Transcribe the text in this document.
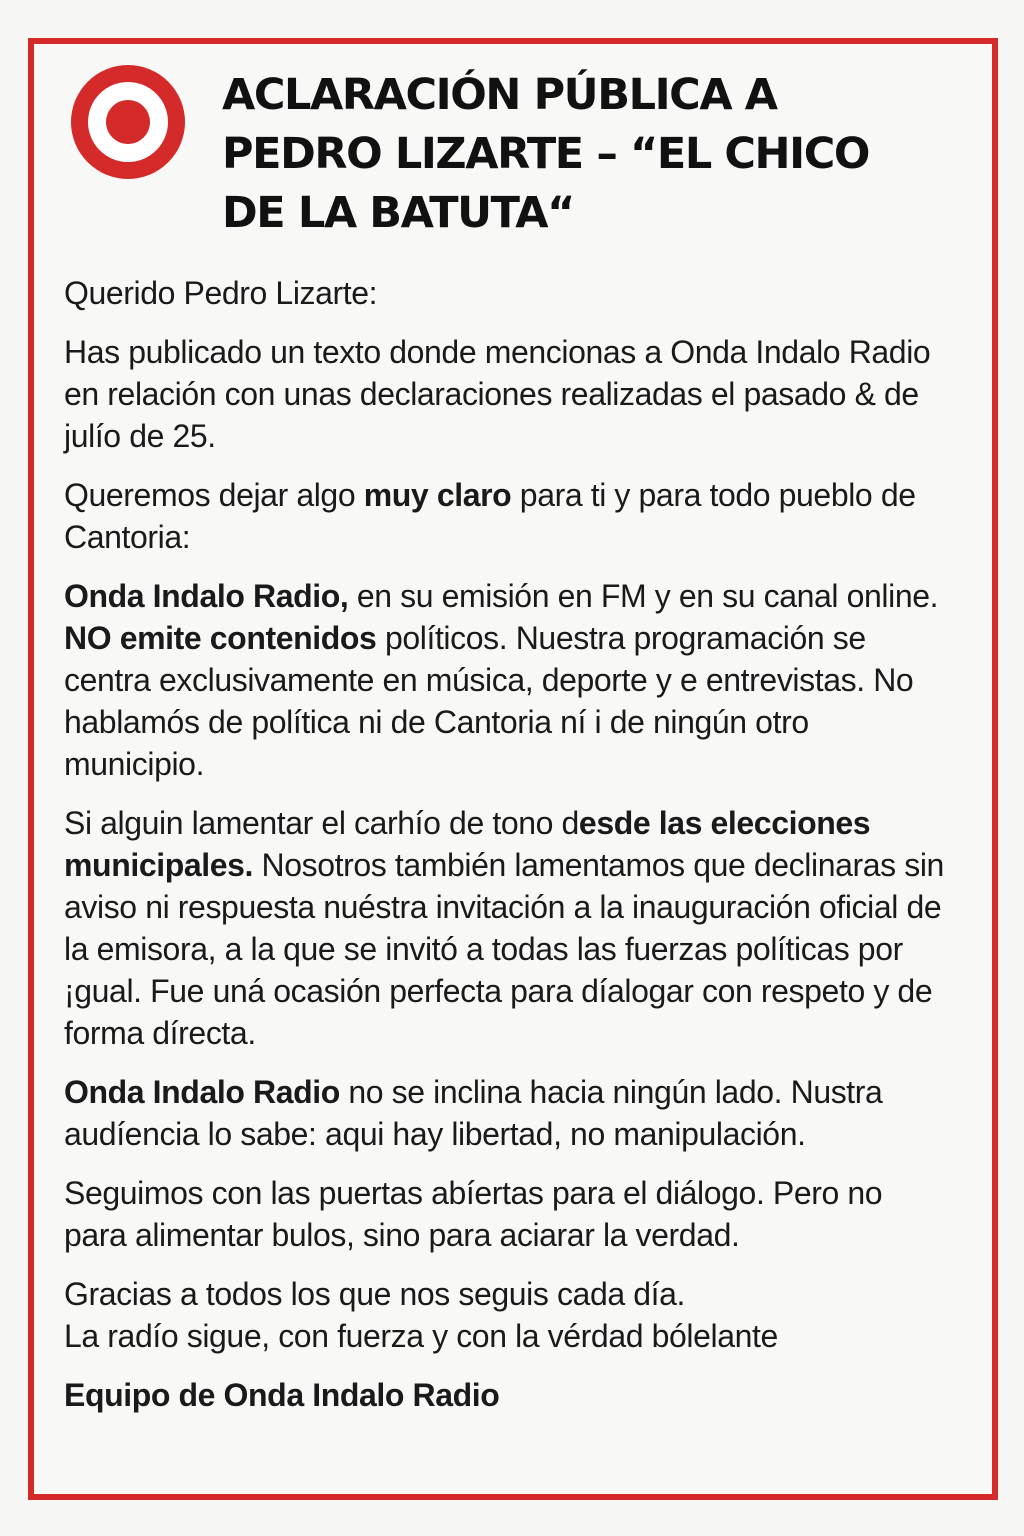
ACLARACIÓN PÚBLICA A
PEDRO LIZARTE – “EL CHICO
DE LA BATUTA“

Querido Pedro Lizarte:

Has publicado un texto donde mencionas a Onda Indalo Radio en relación con unas declaraciones realizadas el pasado & de julío de 25.

Queremos dejar algo muy claro para ti y para todo pueblo de Cantoria:

Onda Indalo Radio, en su emisión en FM y en su canal online. NO emite contenidos políticos. Nuestra programación se centra exclusivamente en música, deporte y e entrevistas. No hablamós de política ni de Cantoria ní i de ningún otro municipio.

Si alguin lamentar el carhío de tono desde las elecciones municipales. Nosotros también lamentamos que declinaras sin aviso ni respuesta nuéstra invitación a la inauguración oficial de la emisora, a la que se invitó a todas las fuerzas políticas por ¡gual. Fue uná ocasión perfecta para díalogar con respeto y de forma dírecta.

Onda Indalo Radio no se inclina hacia ningún lado. Nustra audíencia lo sabe: aqui hay libertad, no manipulación.

Seguimos con las puertas abíertas para el diálogo. Pero no para alimentar bulos, sino para aciarar la verdad.

Gracias a todos los que nos seguis cada día.
La radío sigue, con fuerza y con la vérdad bólelante

Equipo de Onda Indalo Radio
